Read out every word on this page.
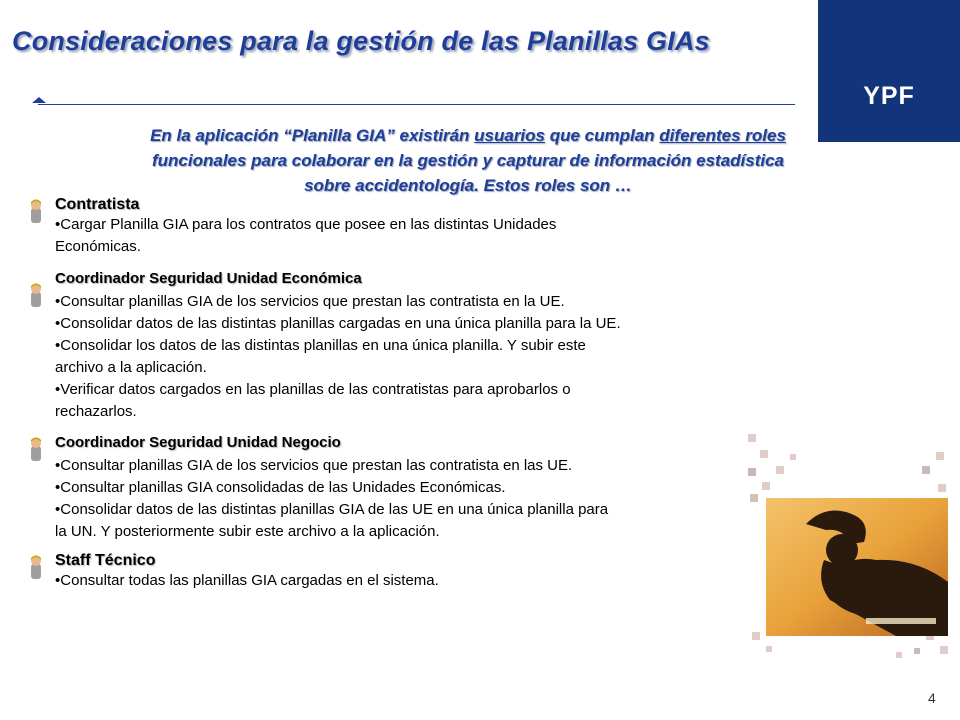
Consideraciones para la gestión de las Planillas GIAs
YPF
En la aplicación “Planilla GIA” existirán usuarios que cumplan diferentes roles
funcionales para colaborar en la gestión y capturar de información estadística
sobre accidentología. Estos roles son …
Contratista
• Cargar Planilla GIA para los contratos que posee en las distintas Unidades
Económicas.
Coordinador Seguridad Unidad Económica
• Consultar planillas GIA de los servicios que prestan las contratista en la UE.
• Consolidar datos de las distintas planillas cargadas en una única planilla para la UE.
• Consolidar los datos de las distintas planillas en una única planilla. Y subir este
archivo a la aplicación.
• Verificar datos cargados en las planillas de las contratistas para aprobarlos o
rechazarlos.
Coordinador Seguridad Unidad Negocio
• Consultar planillas GIA de los servicios que prestan las contratista en las UE.
• Consultar planillas GIA consolidadas de las Unidades Económicas.
• Consolidar datos de las distintas planillas GIA de las UE en una única planilla para
la UN. Y posteriormente subir este archivo a la aplicación.
Staff Técnico
• Consultar todas las planillas GIA cargadas en el sistema.
4
